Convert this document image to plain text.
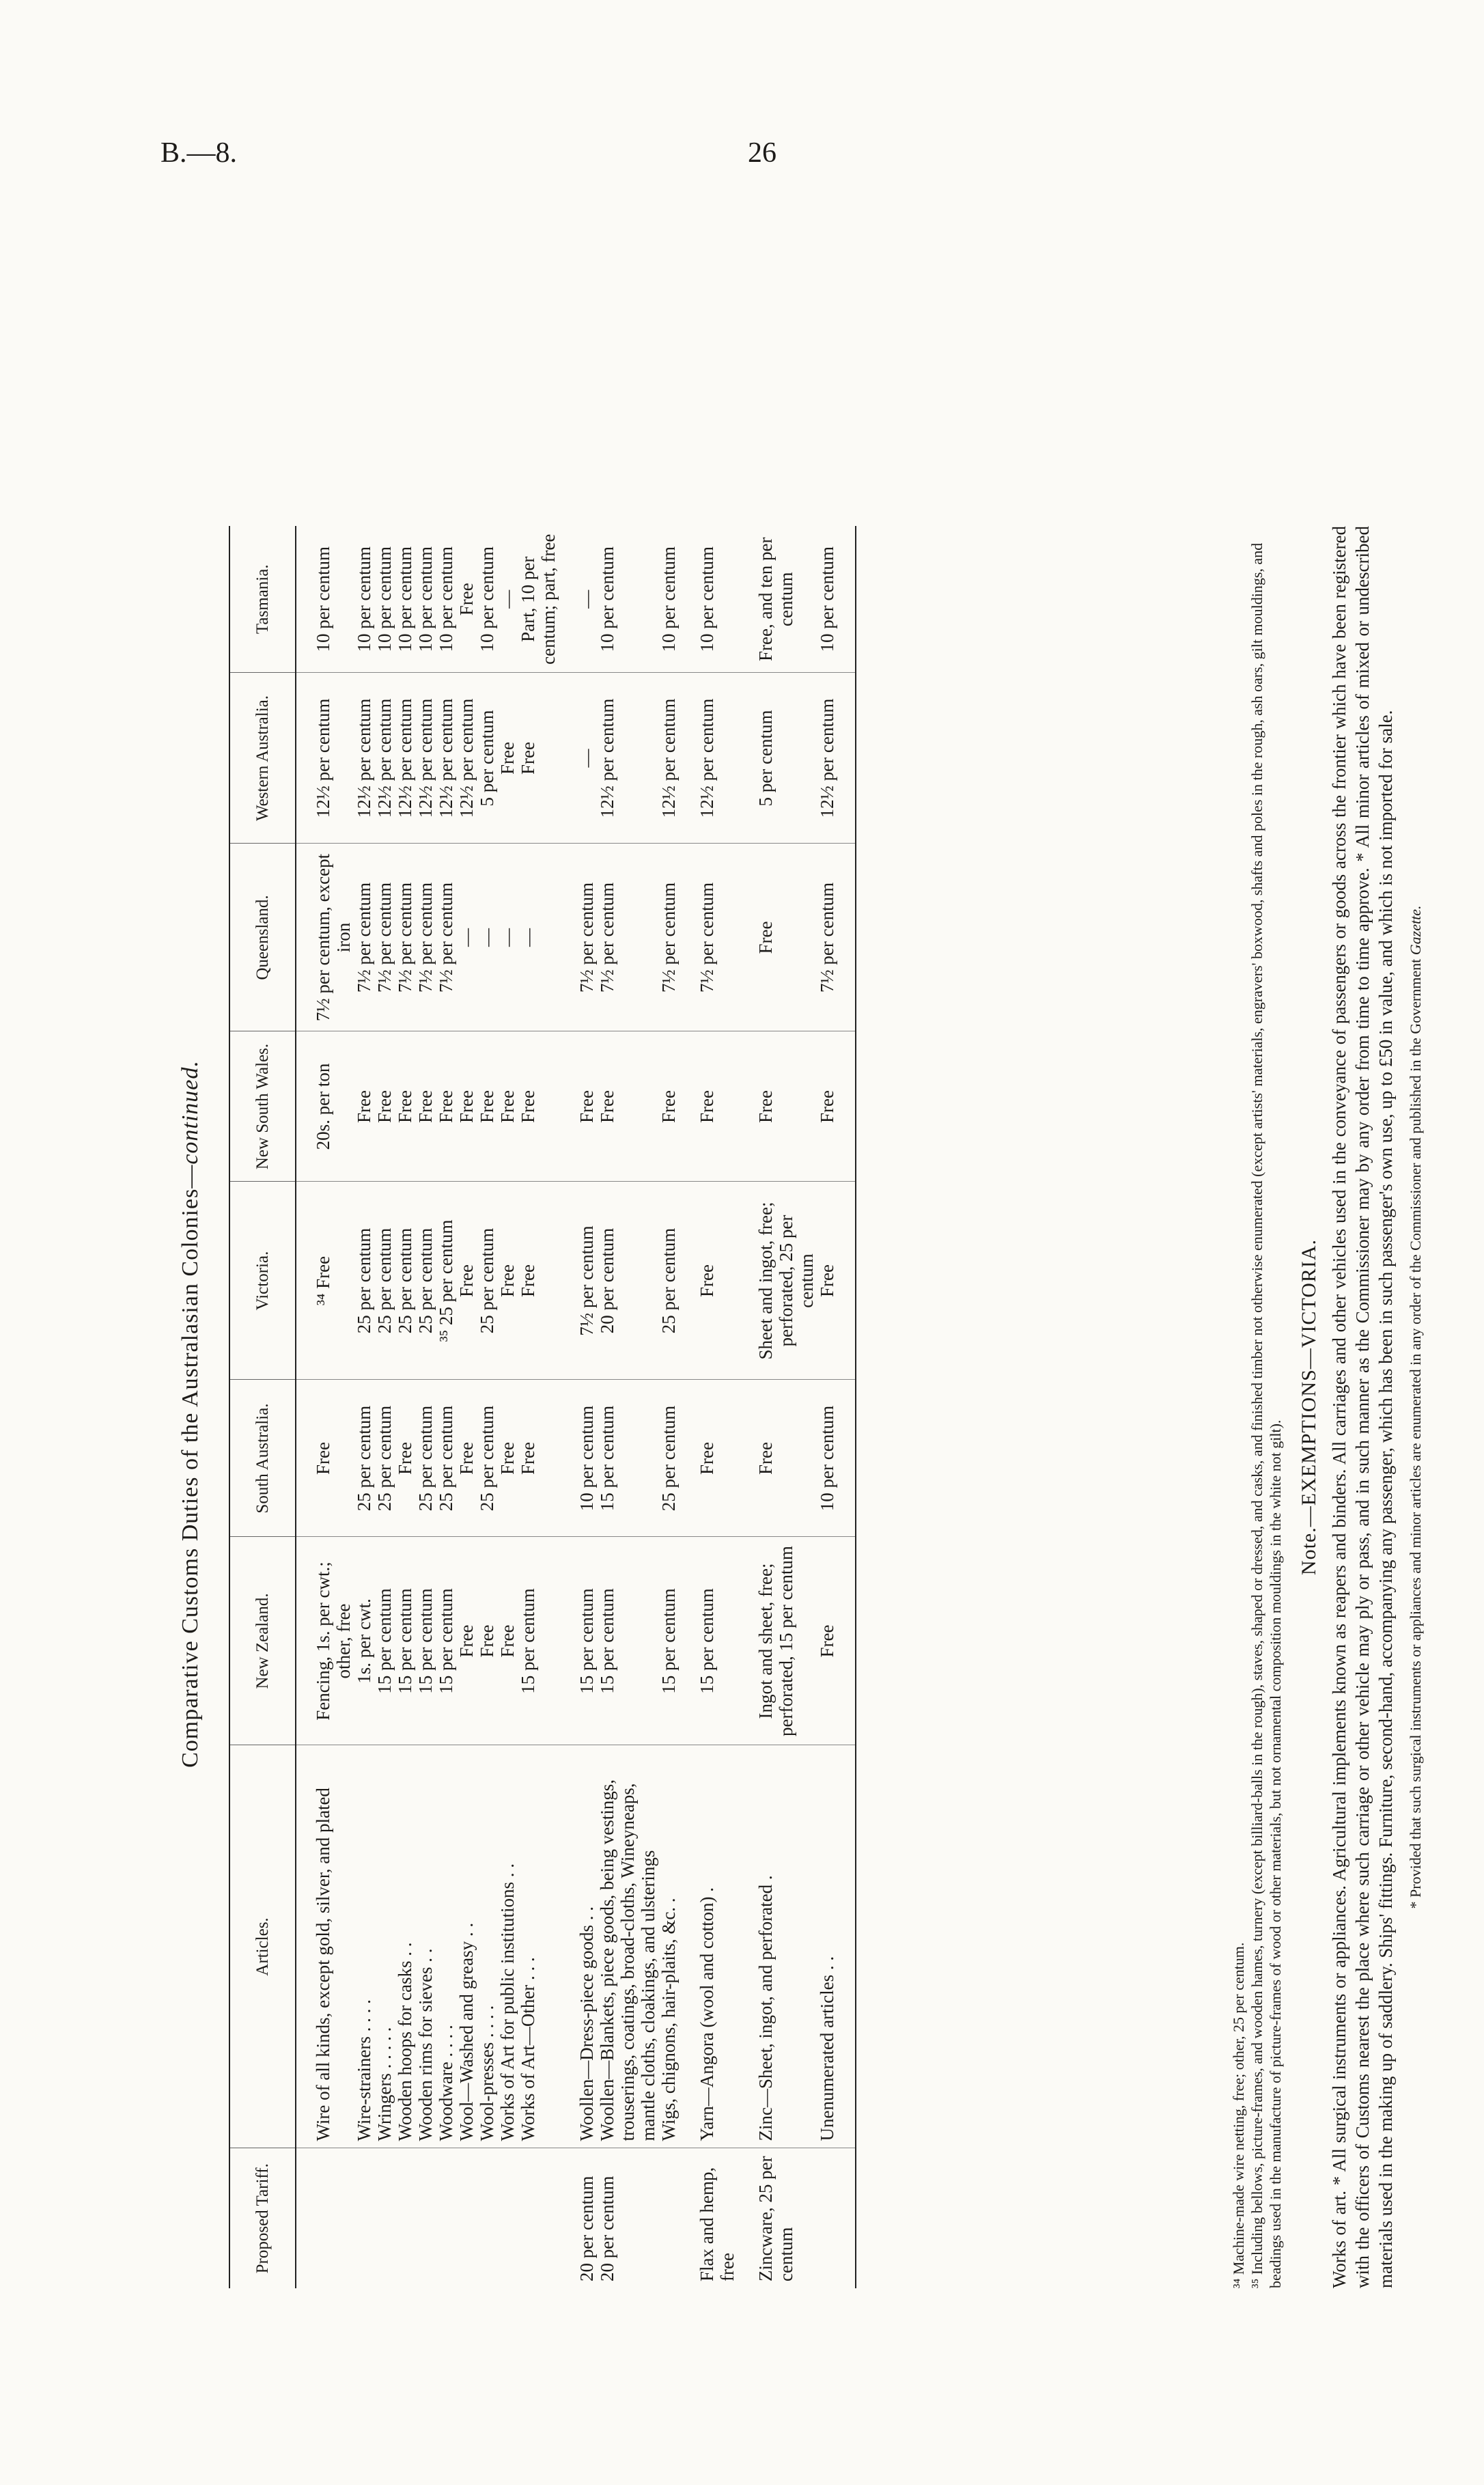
B.—8.	26
Comparative Customs Duties of the Australasian Colonies—continued.
Proposed Tariff.	Articles.	New Zealand.	South Australia.	Victoria.	New South Wales.	Queensland.	Western Australia.	Tasmania.
	Wire of all kinds, except gold, silver, and plated	Fencing, 1s. per cwt.; other, free	Free	³⁴ Free	20s. per ton	7½ per centum, except iron	12½ per centum	10 per centum
	Wire-strainers . . . .	1s. per cwt.	25 per centum	25 per centum	Free	7½ per centum	12½ per centum	10 per centum
	Wringers . . . . .	15 per centum	25 per centum	25 per centum	Free	7½ per centum	12½ per centum	10 per centum
	Wooden hoops for casks . .	15 per centum	Free	25 per centum	Free	7½ per centum	12½ per centum	10 per centum
	Wooden rims for sieves . .	15 per centum	25 per centum	25 per centum	Free	7½ per centum	12½ per centum	10 per centum
	Woodware . . . .	15 per centum	25 per centum	³⁵ 25 per centum	Free	7½ per centum	12½ per centum	10 per centum
	Wool—Washed and greasy . .	Free	Free	Free	Free	—	12½ per centum	Free
	Wool-presses . . . .	Free	25 per centum	25 per centum	Free	—	5 per centum	10 per centum
	Works of Art for public institutions . .	Free	Free	Free	Free	—	Free	—
	Works of Art—Other . . .	15 per centum	Free	Free	Free	—	Free	Part, 10 per centum; part, free
20 per centum	Woollen—Dress-piece goods . .	15 per centum	10 per centum	7½ per centum	Free	7½ per centum	—	—
20 per centum	Woollen—Blankets, piece goods, being vestings, trouserings, coatings, broad-cloths, Wineyneaps, mantle cloths, cloakings, and ulsterings	15 per centum	15 per centum	20 per centum	Free	7½ per centum	12½ per centum	10 per centum
	Wigs, chignons, hair-plaits, &c. .	15 per centum	25 per centum	25 per centum	Free	7½ per centum	12½ per centum	10 per centum
Flax and hemp, free	Yarn—Angora (wool and cotton) .	15 per centum	Free	Free	Free	7½ per centum	12½ per centum	10 per centum
Zincware, 25 per centum	Zinc—Sheet, ingot, and perforated .	Ingot and sheet, free; perforated, 15 per centum	Free	Sheet and ingot, free; perforated, 25 per centum	Free	Free	5 per centum	Free, and ten per centum
	Unenumerated articles . .	Free	10 per centum	Free	Free	7½ per centum	12½ per centum	10 per centum

³⁴ Machine-made wire netting, free; other, 25 per centum. ³⁵ Including bellows, picture-frames, and wooden hames, turnery (except billiard-balls in the rough), staves, shaped or dressed, and casks, and finished timber not otherwise enumerated (except artists' materials, engravers' boxwood, shafts and poles in the rough, ash oars, gilt mouldings, and beadings used in the manufacture of picture-frames of wood or other materials, but not ornamental composition mouldings in the white not gilt).

Note.—EXEMPTIONS—VICTORIA. Works of art. * All surgical instruments or appliances. Agricultural implements known as reapers and binders. All carriages and other vehicles used in the conveyance of passengers or goods across the frontier which have been registered with the officers of Customs nearest the place where such carriage or other vehicle may ply or pass, and in such manner as the Commissioner may by any order from time to time approve. * All minor articles of mixed or undescribed materials used in the making up of saddlery. Ships' fittings. Furniture, second-hand, accompanying any passenger, which has been in such passenger's own use, up to £50 in value, and which is not imported for sale. * Provided that such surgical instruments or appliances and minor articles are enumerated in any order of the Commissioner and published in the Government Gazette.
